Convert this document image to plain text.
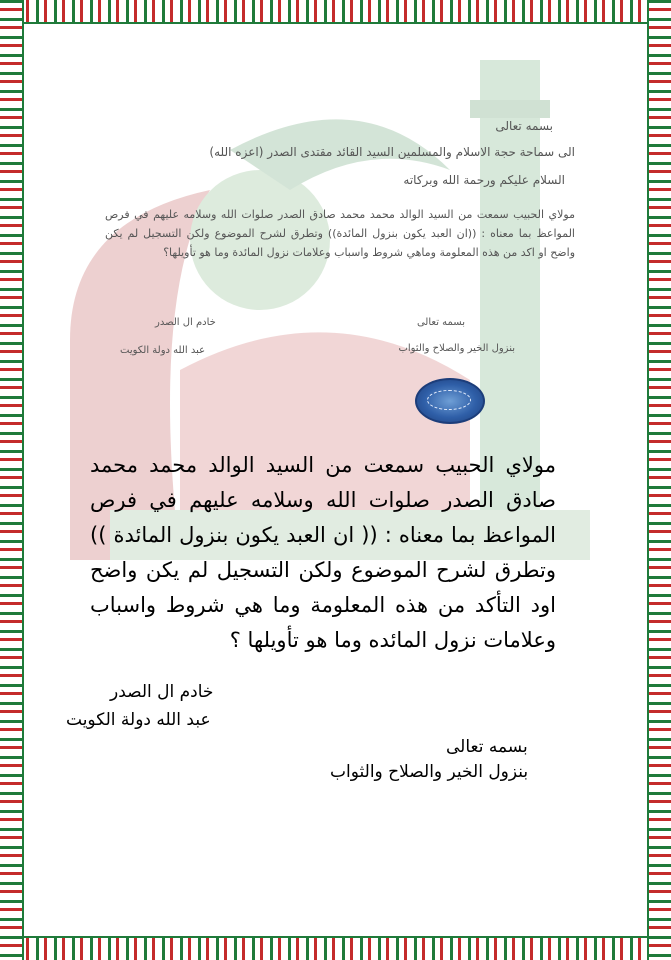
بسمه تعالى
الى سماحة حجة الاسلام والمسلمين السيد القائد مقتدى الصدر (اعزه الله)
السلام عليكم ورحمة الله وبركاته
مولاي الحبيب سمعت من السيد الوالد محمد محمد صادق الصدر صلوات الله وسلامه عليهم في فرص المواعظ بما معناه : ((ان العبد يكون بنزول المائدة)) وتطرق لشرح الموضوع ولكن التسجيل لم يكن واضح او اكد من هذه المعلومة وماهي شروط واسباب وعلامات نزول المائدة وما هو تأويلها؟
خادم ال الصدر
عبد الله دولة الكويت
بسمه تعالى
بنزول الخير والصلاح والثواب
مولاي الحبيب سمعت من السيد الوالد محمد محمد صادق الصدر صلوات الله وسلامه عليهم في فرص المواعظ بما معناه : (( ان العبد يكون بنزول المائدة )) وتطرق لشرح الموضوع ولكن التسجيل لم يكن واضح اود التأكد من هذه المعلومة وما هي شروط واسباب وعلامات نزول المائده وما هو تأويلها ؟
خادم ال الصدر
عبد الله دولة الكويت
بسمه تعالى
بنزول الخير والصلاح والثواب
